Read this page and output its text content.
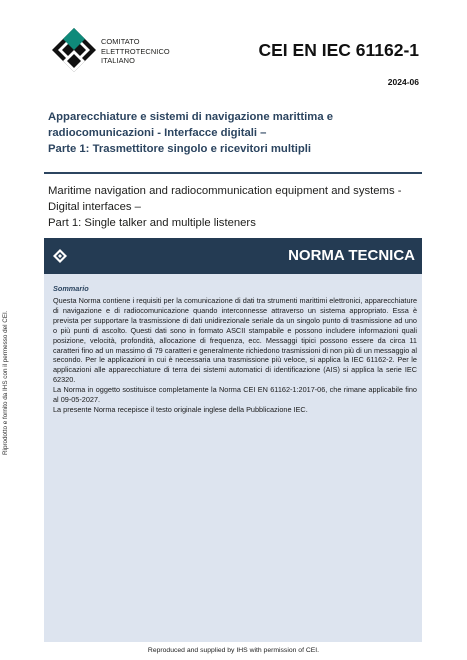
Riprodotto e fornito da IHS con il permesso del CEI.
COMITATO
ELETTROTECNICO
ITALIANO
CEI EN IEC 61162-1
2024-06
Apparecchiature e sistemi di navigazione marittima e
radiocomunicazioni - Interfacce digitali –
Parte 1: Trasmettitore singolo e ricevitori multipli
Maritime navigation and radiocommunication equipment and systems -
Digital interfaces –
Part 1: Single talker and multiple listeners
NORMA TECNICA
Sommario

Questa Norma contiene i requisiti per la comunicazione di dati tra strumenti marittimi elettronici, apparecchiature di navigazione e di radiocomunicazione quando interconnesse attraverso un sistema appropriato. Essa è prevista per supportare la trasmissione di dati unidirezionale seriale da un singolo punto di trasmissione ad uno o più punti di ascolto. Questi dati sono in formato ASCII stampabile e possono includere informazioni quali posizione, velocità, profondità, allocazione di frequenza, ecc. Messaggi tipici possono essere da circa 11 caratteri fino ad un massimo di 79 caratteri e generalmente richiedono trasmissioni di non più di un messaggio al secondo. Per le applicazioni in cui è necessaria una trasmissione più veloce, si applica la IEC 61162-2. Per le applicazioni alle apparecchiature di terra dei sistemi automatici di identificazione (AIS) si applica la serie IEC 62320.

La Norma in oggetto sostituisce completamente la Norma CEI EN 61162-1:2017-06, che rimane applicabile fino al 09-05-2027.

La presente Norma recepisce il testo originale inglese della Pubblicazione IEC.

Reproduced and supplied by IHS with permission of CEI.
